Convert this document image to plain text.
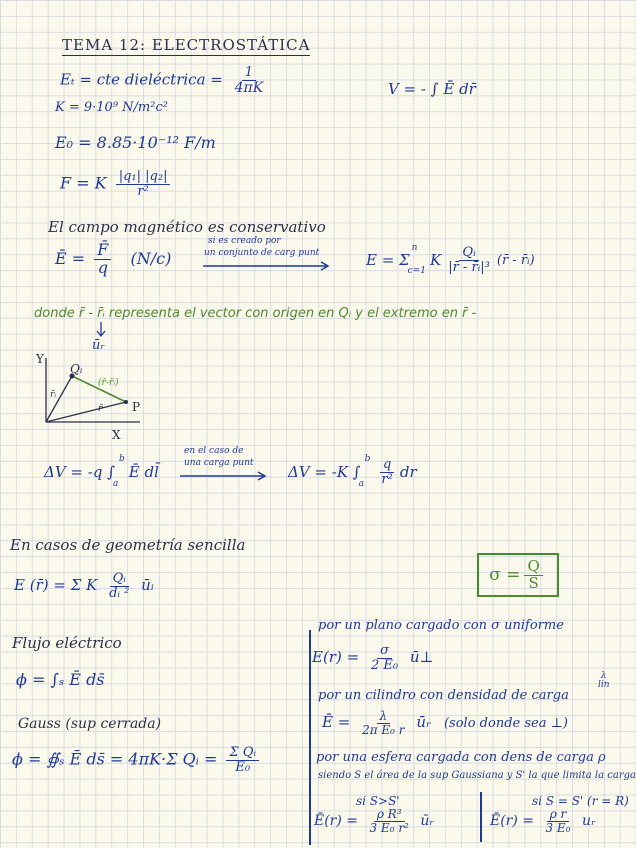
TEMA 12: ELECTROSTÁTICA
Eₜ = cte dieléctrica = $\frac{1}{4\pi K}$	V = - ∫ Ē dr̄
K = 9·10⁹ N/m²c²
E₀ = 8.85·10⁻¹² F/m
F = K $\frac{\text{|q₁| |q₂|}}{\text{r²}}$
El campo magnético es conservativo
Ē = $\frac{F̄}{q} (N/c)$
si es creado por
un conjunto de carg punt	E = Σ
n
c=1
K $\frac{\text{Qᵢ}}{\text{|r̄ - r̄ᵢ|³}}$ (r̄ - r̄ᵢ)
donde r̄ - r̄ᵢ representa el vector con origen en Qᵢ y el extremo en r̄ -
ūᵣ
Y
X
Qᵢ
r̄ᵢ
r̄
(r̄-r̄ᵢ)
P
ΔV = -q ∫
b
a
Ē dl̄
en el caso de
una carga punt ΔV = -K ∫
b
a	$\frac{q}{\text{r²}}$ dr
En casos de geometría sencilla
$\sigma = \frac{Q}{S}$
E (r̄) = Σ K $\frac{\text{Qᵢ}}{\text{dᵢ ²}}$ ūᵢ
Flujo eléctrico
ϕ = ∫ₛ Ē ds̄
Gauss (sup cerrada)
ϕ = ∯ₛ Ē ds̄ = 4πK·Σ Qᵢ = $\frac{\text{Σ Qᵢ}}{\text{E₀}}$
por un plano cargado con σ uniforme
$E(r) = \frac{\sigma}{\text{2 E₀}}$ ū⊥
por un cilindro con densidad de carga
λ
lin
Ē = $\frac{\lambda}{\text{2π E₀ r}}$ ūᵣ (solo donde sea ⊥)
por una esfera cargada con dens de carga ρ
siendo S el área de la sup Gaussiana y S' la que limita la carga
si S>S'
Ē(r) = $\frac{\text{ρ R³}}{\text{3 E₀ r²}}$ ūᵣ
si S = S' (r = R)
Ē(r) = $\frac{\text{ρ r}}{\text{3 E₀}}$ uᵣ
